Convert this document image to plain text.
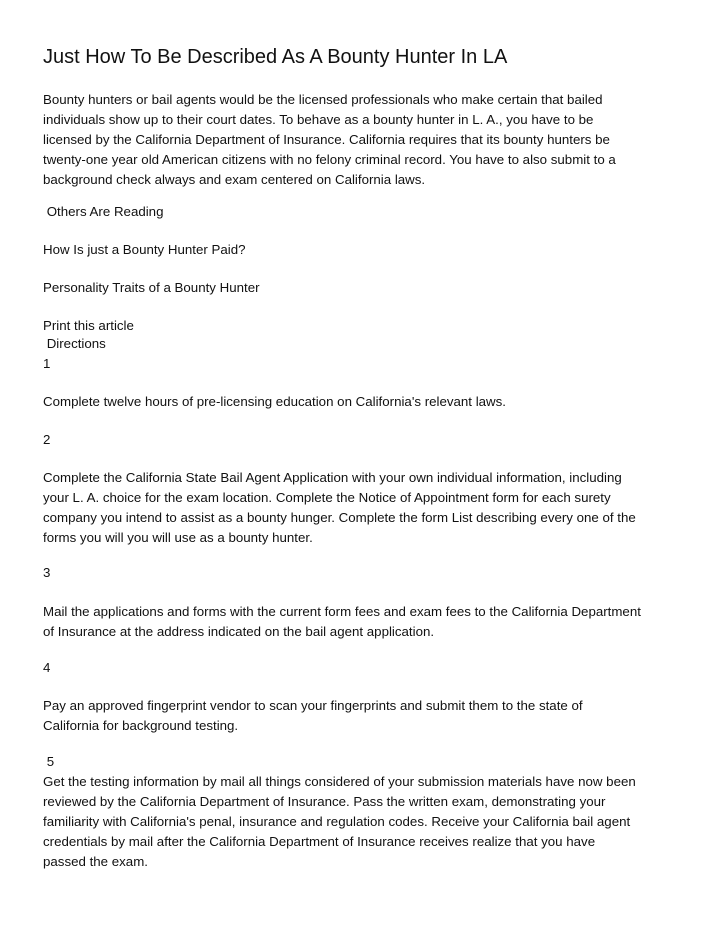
Just How To Be Described As A Bounty Hunter In LA

Bounty hunters or bail agents would be the licensed professionals who make certain that bailed
individuals show up to their court dates. To behave as a bounty hunter in L. A., you have to be
licensed by the California Department of Insurance. California requires that its bounty hunters be
twenty-one year old American citizens with no felony criminal record. You have to also submit to a
background check always and exam centered on California laws.

Others Are Reading

How Is just a Bounty Hunter Paid?

Personality Traits of a Bounty Hunter

Print this article

Directions

1

Complete twelve hours of pre-licensing education on California's relevant laws.

2

Complete the California State Bail Agent Application with your own individual information, including
your L. A. choice for the exam location. Complete the Notice of Appointment form for each surety
company you intend to assist as a bounty hunger. Complete the form List describing every one of the
forms you will you will use as a bounty hunter.

3

Mail the applications and forms with the current form fees and exam fees to the California Department
of Insurance at the address indicated on the bail agent application.

4

Pay an approved fingerprint vendor to scan your fingerprints and submit them to the state of
California for background testing.

5

Get the testing information by mail all things considered of your submission materials have now been
reviewed by the California Department of Insurance. Pass the written exam, demonstrating your
familiarity with California's penal, insurance and regulation codes. Receive your California bail agent
credentials by mail after the California Department of Insurance receives realize that you have
passed the exam.
